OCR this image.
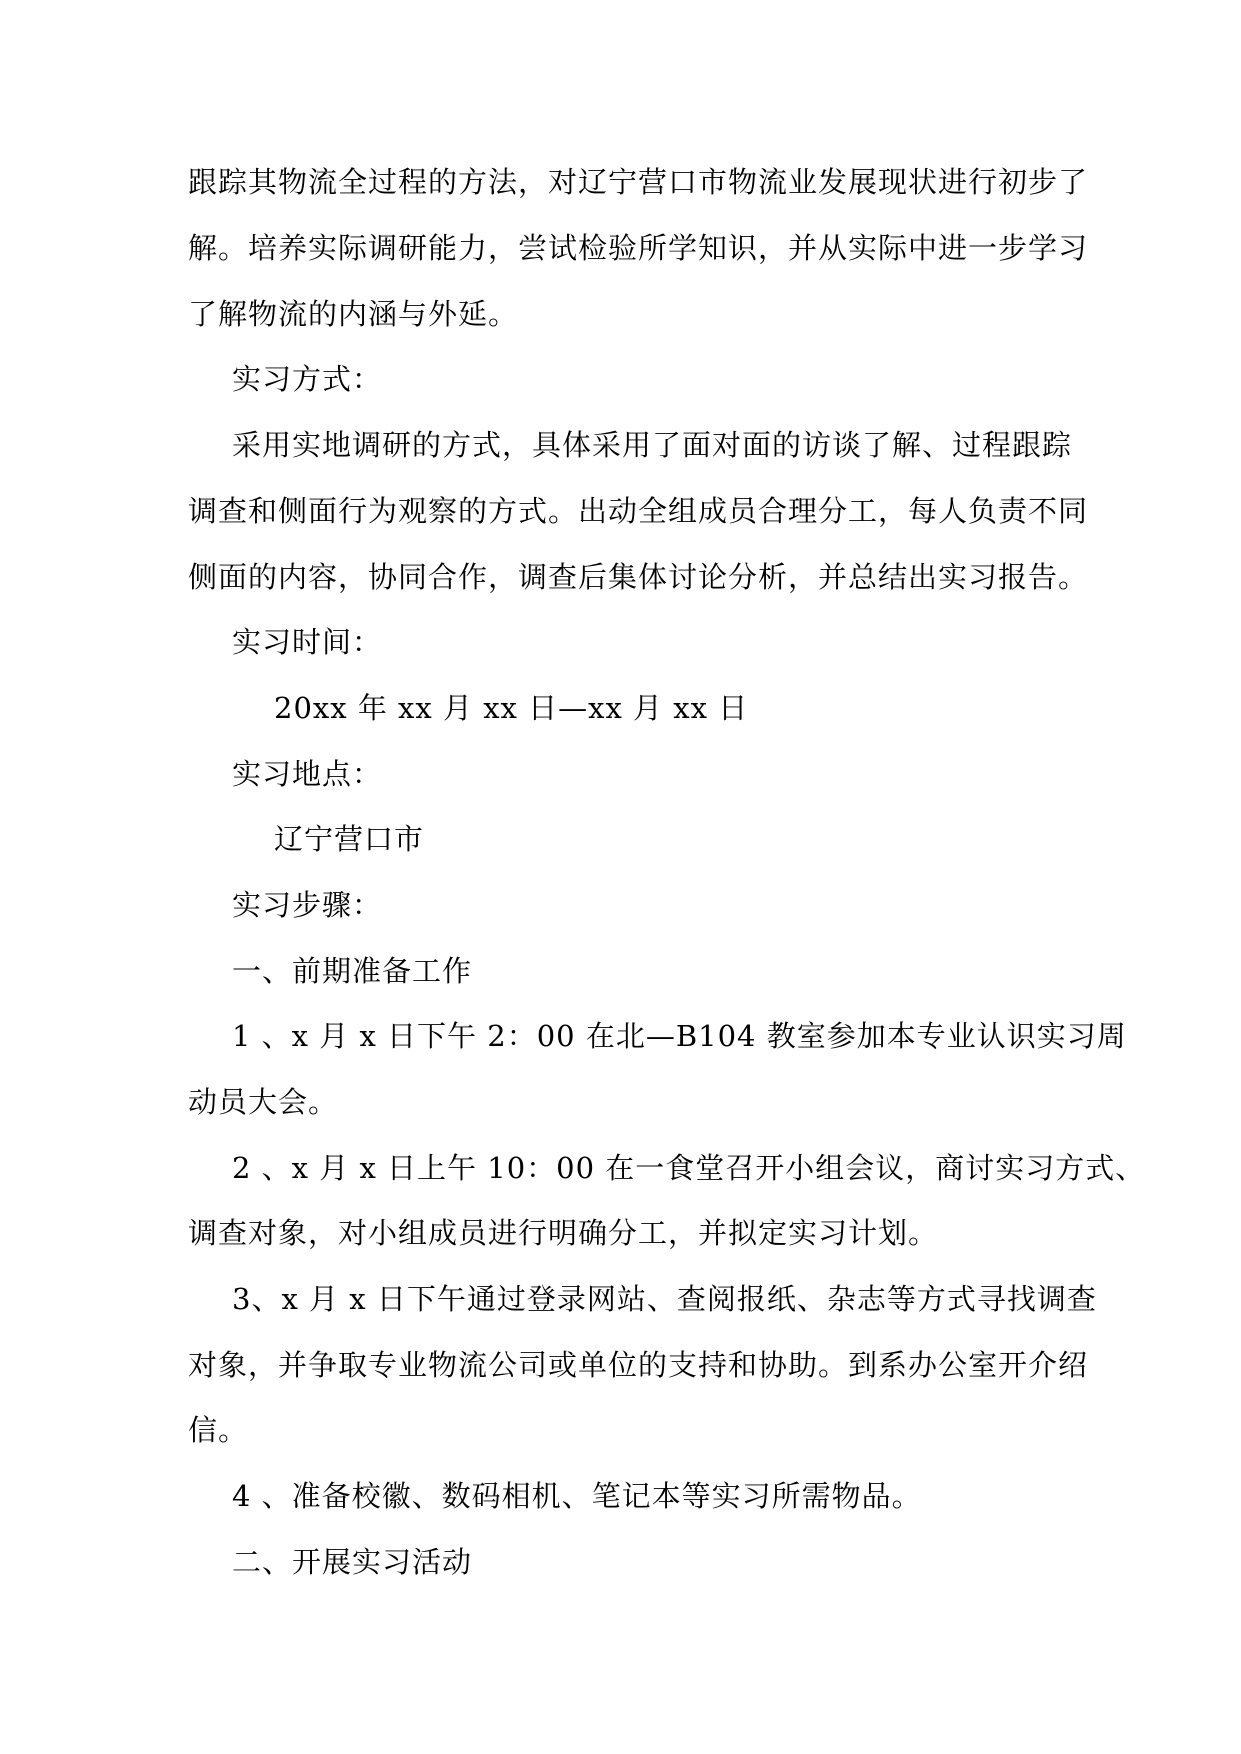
跟踪其物流全过程的方法，对辽宁营口市物流业发展现状进行初步了
解。培养实际调研能力，尝试检验所学知识，并从实际中进一步学习
了解物流的内涵与外延。
实习方式：
采用实地调研的方式，具体采用了面对面的访谈了解、过程跟踪
调查和侧面行为观察的方式。出动全组成员合理分工，每人负责不同
侧面的内容，协同合作，调查后集体讨论分析，并总结出实习报告。
实习时间：
20xx 年 xx 月 xx 日—xx 月 xx 日
实习地点：
辽宁营口市
实习步骤：
一、前期准备工作
1 、x 月 x 日下午 2：00 在北—B104 教室参加本专业认识实习周
动员大会。
2 、x 月 x 日上午 10：00 在一食堂召开小组会议，商讨实习方式、
调查对象，对小组成员进行明确分工，并拟定实习计划。
3、x 月 x 日下午通过登录网站、查阅报纸、杂志等方式寻找调查
对象，并争取专业物流公司或单位的支持和协助。到系办公室开介绍
信。
4 、准备校徽、数码相机、笔记本等实习所需物品。
二、开展实习活动
